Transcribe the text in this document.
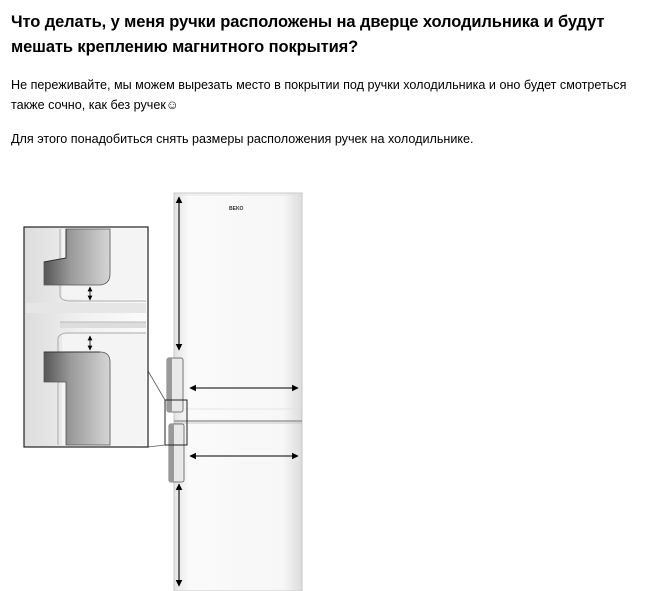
Что делать, у меня ручки расположены на дверце холодильника и будут мешать креплению магнитного покрытия?
Не переживайте, мы можем вырезать место в покрытии под ручки холодильника и оно будет смотреться также сочно, как без ручек☺
Для этого понадобиться снять размеры расположения ручек на холодильнике.
BEKO
